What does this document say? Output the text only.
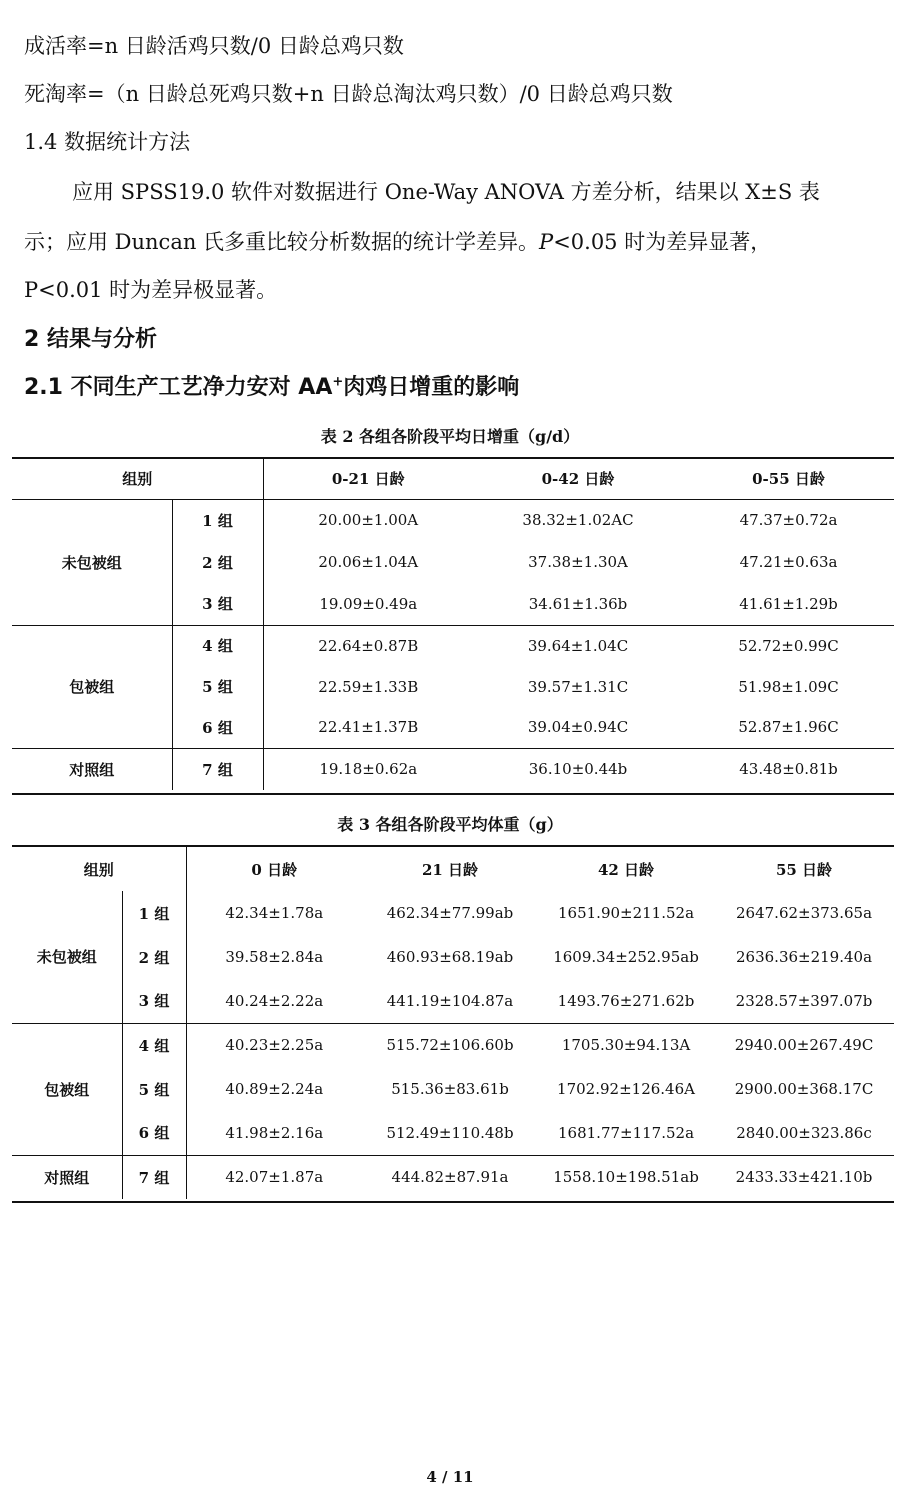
成活率=n 日龄活鸡只数/0 日龄总鸡只数
死淘率=（n 日龄总死鸡只数+n 日龄总淘汰鸡只数）/0 日龄总鸡只数
1.4 数据统计方法
应用 SPSS19.0 软件对数据进行 One-Way ANOVA 方差分析，结果以 X±S 表
示；应用 Duncan 氏多重比较分析数据的统计学差异。P<0.05 时为差异显著，
P<0.01 时为差异极显著。
2 结果与分析
2.1 不同生产工艺净力安对 AA+肉鸡日增重的影响
表 2 各组各阶段平均日增重（g/d）
组别		0-21 日龄	0-42 日龄	0-55 日龄
未包被组	1 组	20.00±1.00A	38.32±1.02AC	47.37±0.72a
	2 组	20.06±1.04A	37.38±1.30A	47.21±0.63a
	3 组	19.09±0.49a	34.61±1.36b	41.61±1.29b
包被组	4 组	22.64±0.87B	39.64±1.04C	52.72±0.99C
	5 组	22.59±1.33B	39.57±1.31C	51.98±1.09C
	6 组	22.41±1.37B	39.04±0.94C	52.87±1.96C
对照组	7 组	19.18±0.62a	36.10±0.44b	43.48±0.81b
表 3 各组各阶段平均体重（g）
组别		0 日龄	21 日龄	42 日龄	55 日龄
未包被组	1 组	42.34±1.78a	462.34±77.99ab	1651.90±211.52a	2647.62±373.65a
	2 组	39.58±2.84a	460.93±68.19ab	1609.34±252.95ab	2636.36±219.40a
	3 组	40.24±2.22a	441.19±104.87a	1493.76±271.62b	2328.57±397.07b
包被组	4 组	40.23±2.25a	515.72±106.60b	1705.30±94.13A	2940.00±267.49C
	5 组	40.89±2.24a	515.36±83.61b	1702.92±126.46A	2900.00±368.17C
	6 组	41.98±2.16a	512.49±110.48b	1681.77±117.52a	2840.00±323.86c
对照组	7 组	42.07±1.87a	444.82±87.91a	1558.10±198.51ab	2433.33±421.10b
4 / 11
